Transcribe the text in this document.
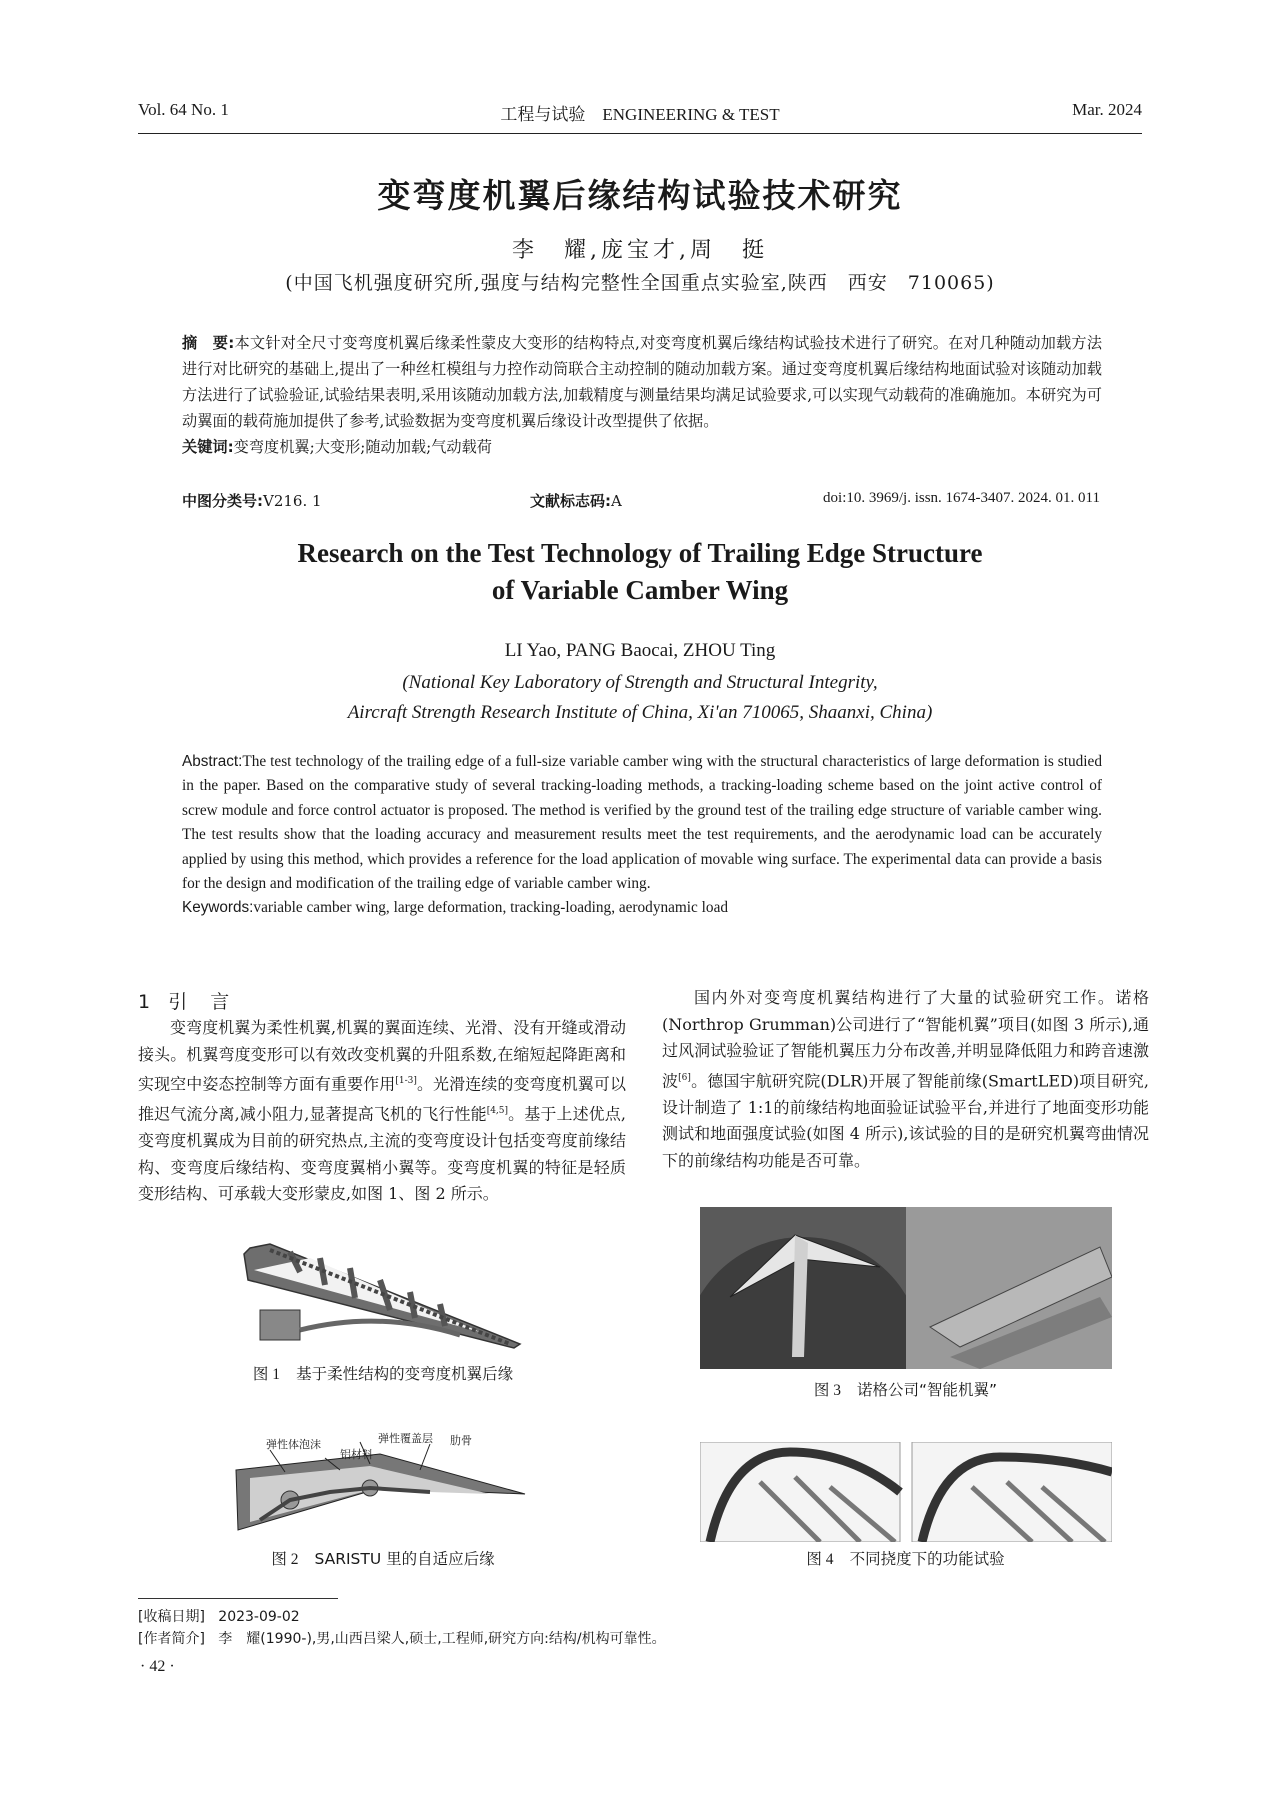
Vol. 64 No. 1	工程与试验　ENGINEERING & TEST	Mar. 2024
变弯度机翼后缘结构试验技术研究
李　耀,庞宝才,周　挺
(中国飞机强度研究所,强度与结构完整性全国重点实验室,陕西　西安　710065)
摘　要:本文针对全尺寸变弯度机翼后缘柔性蒙皮大变形的结构特点,对变弯度机翼后缘结构试验技术进行了研究。在对几种随动加载方法进行对比研究的基础上,提出了一种丝杠模组与力控作动筒联合主动控制的随动加载方案。通过变弯度机翼后缘结构地面试验对该随动加载方法进行了试验验证,试验结果表明,采用该随动加载方法,加载精度与测量结果均满足试验要求,可以实现气动载荷的准确施加。本研究为可动翼面的载荷施加提供了参考,试验数据为变弯度机翼后缘设计改型提供了依据。
关键词:变弯度机翼;大变形;随动加载;气动载荷
中图分类号:V216. 1	文献标志码:A	doi:10. 3969/j. issn. 1674-3407. 2024. 01. 011
Research on the Test Technology of Trailing Edge Structure
of Variable Camber Wing
LI Yao, PANG Baocai, ZHOU Ting
(National Key Laboratory of Strength and Structural Integrity,
Aircraft Strength Research Institute of China, Xi'an 710065, Shaanxi, China)
Abstract:The test technology of the trailing edge of a full-size variable camber wing with the structural characteristics of large deformation is studied in the paper. Based on the comparative study of several tracking-loading methods, a tracking-loading scheme based on the joint active control of screw module and force control actuator is proposed. The method is verified by the ground test of the trailing edge structure of variable camber wing. The test results show that the loading accuracy and measurement results meet the test requirements, and the aerodynamic load can be accurately applied by using this method, which provides a reference for the load application of movable wing surface. The experimental data can provide a basis for the design and modification of the trailing edge of variable camber wing.
Keywords:variable camber wing, large deformation, tracking-loading, aerodynamic load
1 引　言
变弯度机翼为柔性机翼,机翼的翼面连续、光滑、没有开缝或滑动接头。机翼弯度变形可以有效改变机翼的升阻系数,在缩短起降距离和实现空中姿态控制等方面有重要作用[1-3]。光滑连续的变弯度机翼可以推迟气流分离,减小阻力,显著提高飞机的飞行性能[4,5]。基于上述优点,变弯度机翼成为目前的研究热点,主流的变弯度设计包括变弯度前缘结构、变弯度后缘结构、变弯度翼梢小翼等。变弯度机翼的特征是轻质变形结构、可承载大变形蒙皮,如图 1、图 2 所示。
国内外对变弯度机翼结构进行了大量的试验研究工作。诺格(Northrop Grumman)公司进行了“智能机翼”项目(如图 3 所示),通过风洞试验验证了智能机翼压力分布改善,并明显降低阻力和跨音速激波[6]。德国宇航研究院(DLR)开展了智能前缘(SmartLED)项目研究,设计制造了 1:1的前缘结构地面验证试验平台,并进行了地面变形功能测试和地面强度试验(如图 4 所示),该试验的目的是研究机翼弯曲情况下的前缘结构功能是否可靠。
图 1 基于柔性结构的变弯度机翼后缘
弹性体泡沫
铝材料
弹性覆盖层 肋骨
图 2 SARISTU 里的自适应后缘
图 3 诺格公司“智能机翼”
图 4 不同挠度下的功能试验
[收稿日期] 2023-09-02
[作者简介] 李　耀(1990-),男,山西吕梁人,硕士,工程师,研究方向:结构/机构可靠性。
· 42 ·
